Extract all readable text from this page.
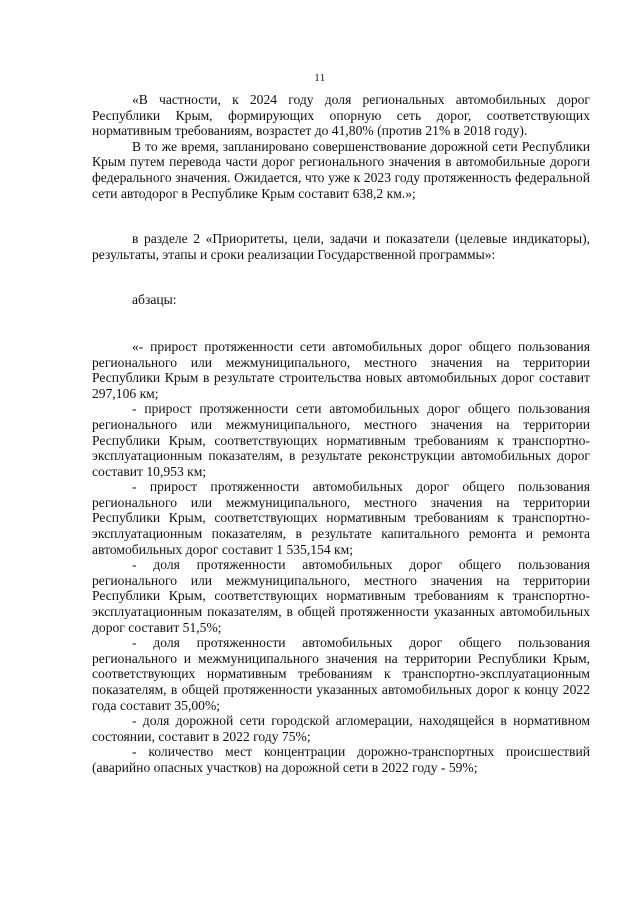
11

«В частности, к 2024 году доля региональных автомобильных дорог Республики Крым, формирующих опорную сеть дорог, соответствующих нормативным требованиям, возрастет до 41,80% (против 21% в 2018 году).

В то же время, запланировано совершенствование дорожной сети Республики Крым путем перевода части дорог регионального значения в автомобильные дороги федерального значения. Ожидается, что уже к 2023 году протяженность федеральной сети автодорог в Республике Крым составит 638,2 км.»;

в разделе 2 «Приоритеты, цели, задачи и показатели (целевые индикаторы), результаты, этапы и сроки реализации Государственной программы»:

абзацы:

«- прирост протяженности сети автомобильных дорог общего пользования регионального или межмуниципального, местного значения на территории Республики Крым в результате строительства новых автомобильных дорог составит 297,106 км;

- прирост протяженности сети автомобильных дорог общего пользования регионального или межмуниципального, местного значения на территории Республики Крым, соответствующих нормативным требованиям к транспортно-эксплуатационным показателям, в результате реконструкции автомобильных дорог составит 10,953 км;

- прирост протяженности автомобильных дорог общего пользования регионального или межмуниципального, местного значения на территории Республики Крым, соответствующих нормативным требованиям к транспортно-эксплуатационным показателям, в результате капитального ремонта и ремонта автомобильных дорог составит 1 535,154 км;

- доля протяженности автомобильных дорог общего пользования регионального или межмуниципального, местного значения на территории Республики Крым, соответствующих нормативным требованиям к транспортно-эксплуатационным показателям, в общей протяженности указанных автомобильных дорог составит 51,5%;

- доля протяженности автомобильных дорог общего пользования регионального и межмуниципального значения на территории Республики Крым, соответствующих нормативным требованиям к транспортно-эксплуатационным показателям, в общей протяженности указанных автомобильных дорог к концу 2022 года составит 35,00%;

- доля дорожной сети городской агломерации, находящейся в нормативном состоянии, составит в 2022 году 75%;

- количество мест концентрации дорожно-транспортных происшествий (аварийно опасных участков) на дорожной сети в 2022 году - 59%;
